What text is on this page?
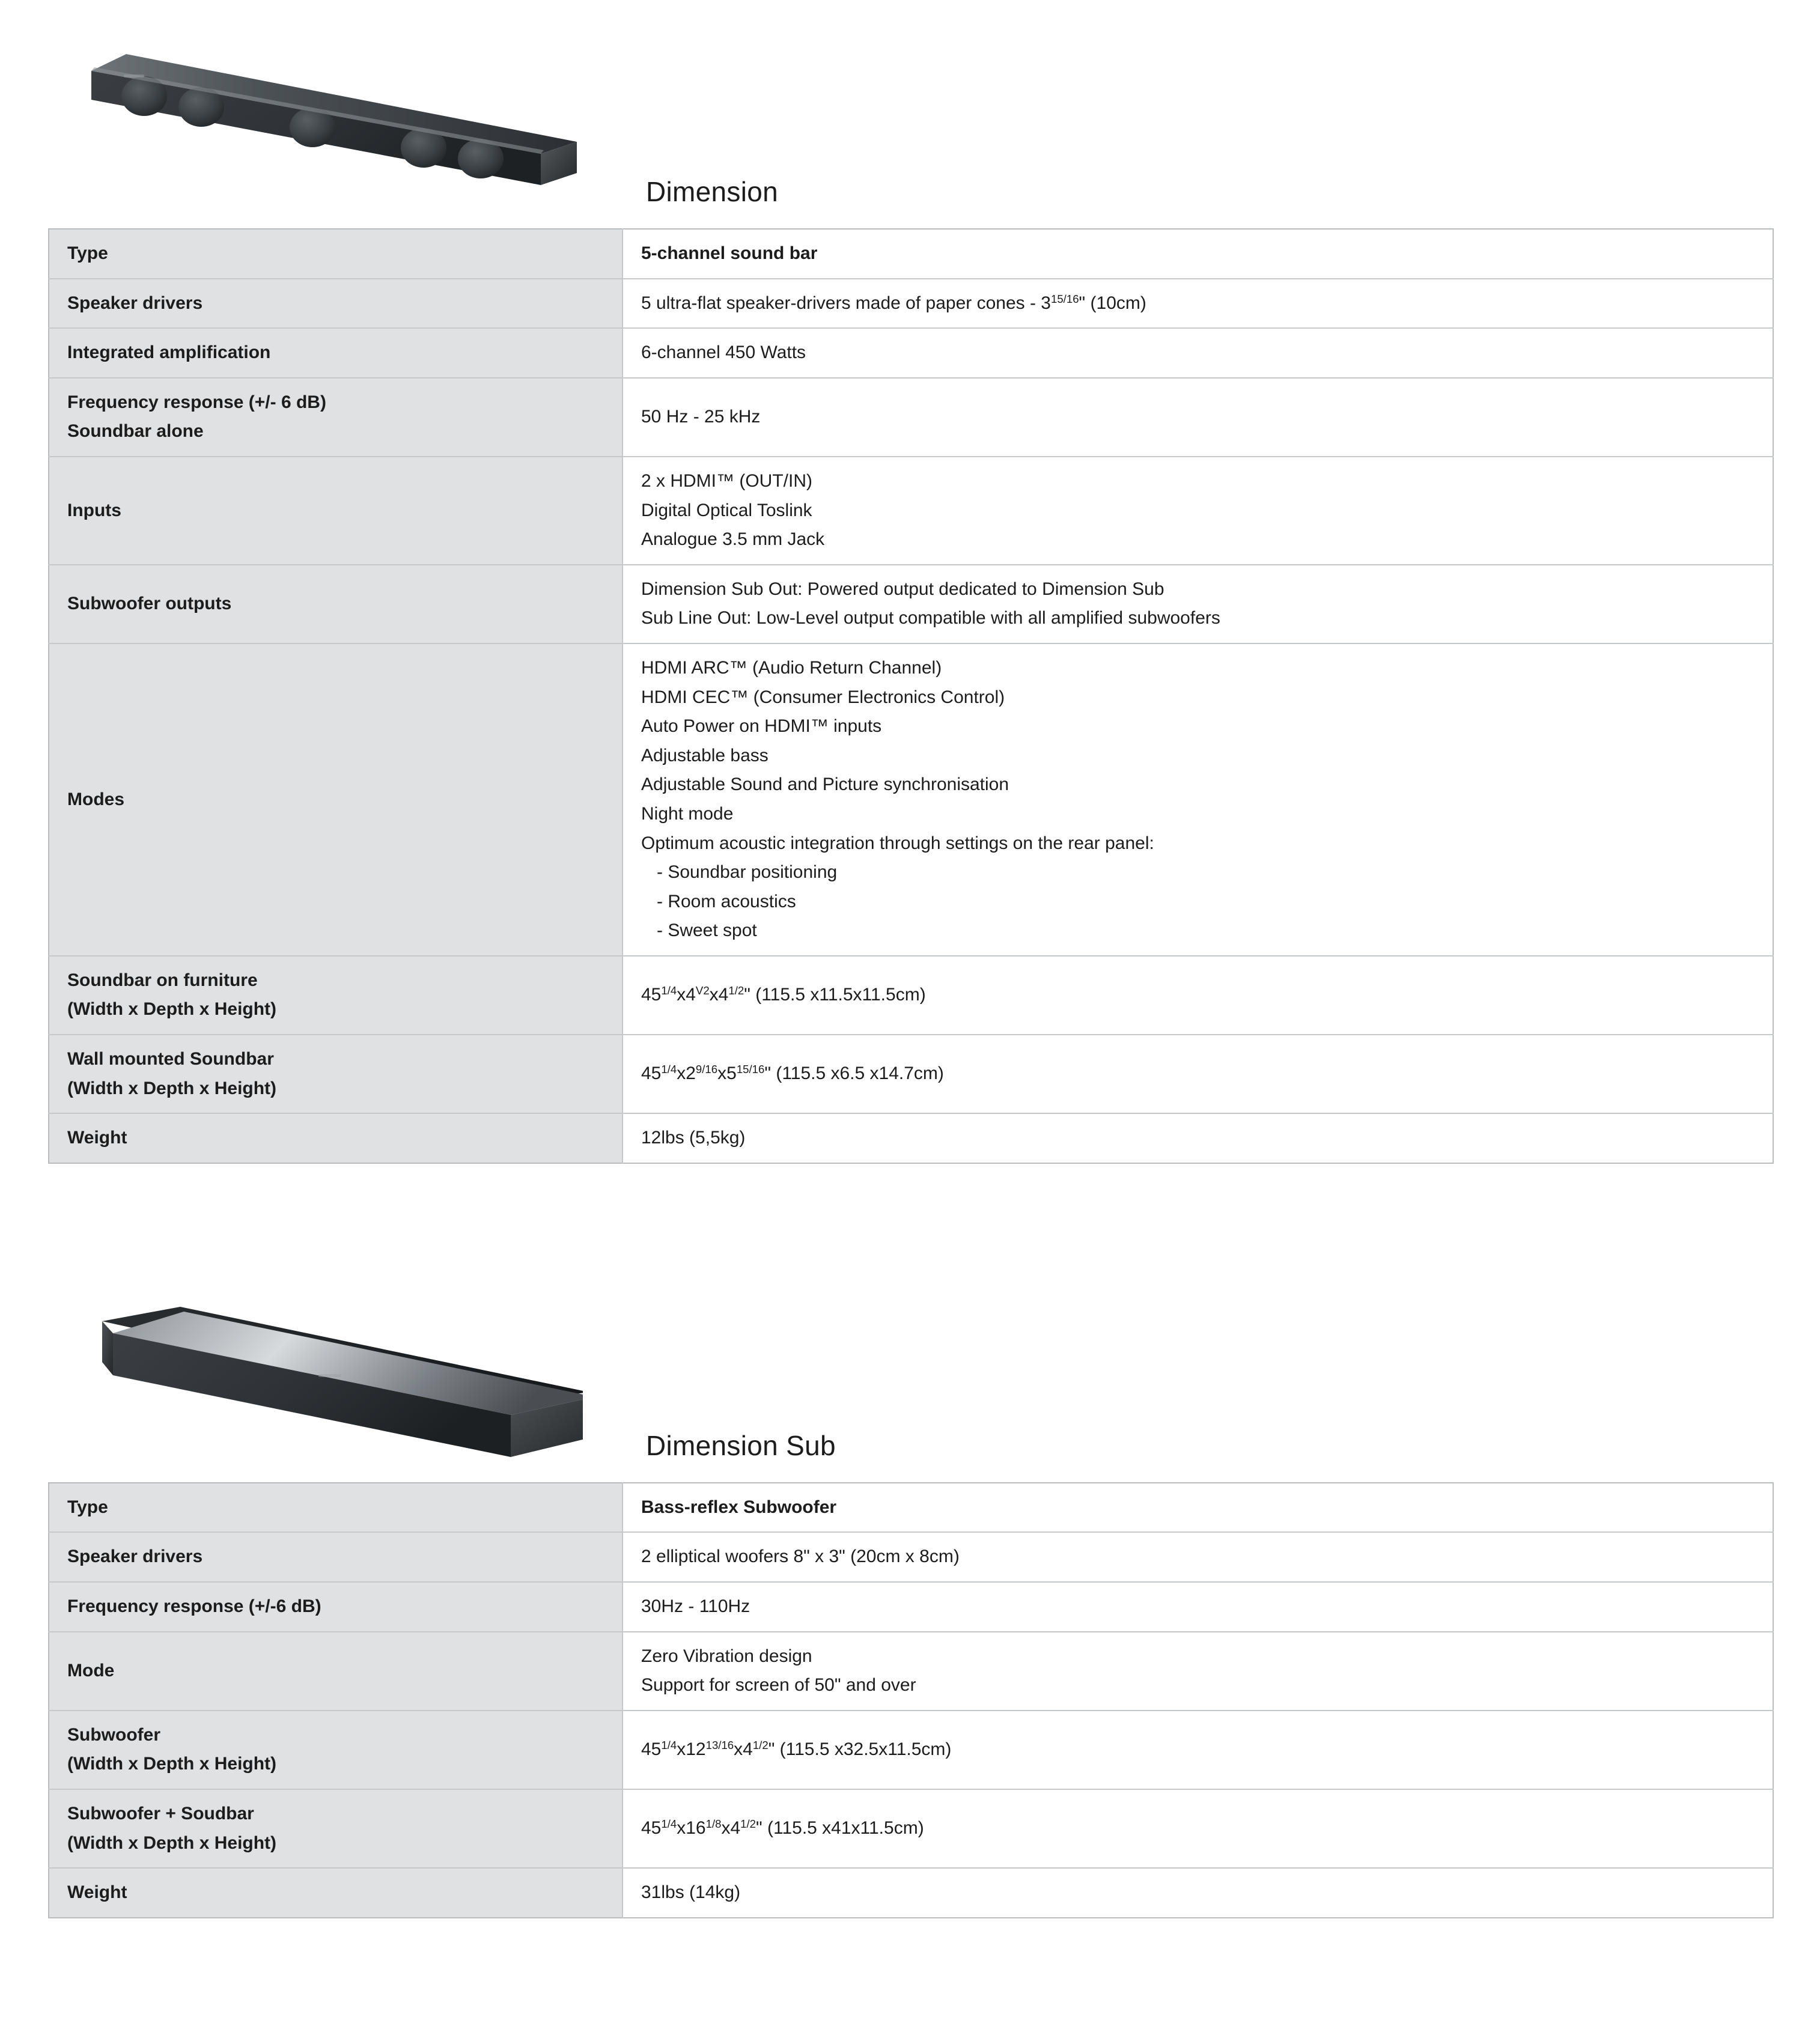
Dimension
Type	5-channel sound bar

Speaker drivers	5 ultra-flat speaker-drivers made of paper cones - $3^{15/16}$" (10cm)

Integrated amplification	6-channel 450 Watts

Frequency response (+/- 6 dB)
Soundbar alone	50 Hz - 25 kHz

Inputs	2 x HDMI™ (OUT/IN)
Digital Optical Toslink
Analogue 3.5 mm Jack

Subwoofer outputs	Dimension Sub Out: Powered output dedicated to Dimension Sub
Sub Line Out: Low-Level output compatible with all amplified subwoofers

Modes	
HDMI ARC™ (Audio Return Channel)
HDMI CEC™ (Consumer Electronics Control)
Auto Power on HDMI™ inputs
Adjustable bass
Adjustable Sound and Picture synchronisation
Night mode
Optimum acoustic integration through settings on the rear panel:
- Soundbar positioning
- Room acoustics
- Sweet spot

Soundbar on furniture
(Width x Depth x Height)	$45^{1/4}x4^{V2}x4^{1/2}$" (115.5 x11.5x11.5cm)

Wall mounted Soundbar
(Width x Depth x Height)	$45^{1/4}x2^{9/16}x5^{15/16}$" (115.5 x6.5 x14.7cm)

Weight	12lbs (5,5kg)
Dimension Sub
Type	Bass-reflex Subwoofer

Speaker drivers	2 elliptical woofers 8" x 3" (20cm x 8cm)

Frequency response (+/-6 dB)	30Hz - 110Hz

Mode	Zero Vibration design
Support for screen of 50" and over

Subwoofer
(Width x Depth x Height)	$45^{1/4}x12^{13/16}x4^{1/2}$" (115.5 x32.5x11.5cm)

Subwoofer + Soudbar
(Width x Depth x Height)	$45^{1/4}x16^{1/8}x4^{1/2}$" (115.5 x41x11.5cm)

Weight	31lbs (14kg)
